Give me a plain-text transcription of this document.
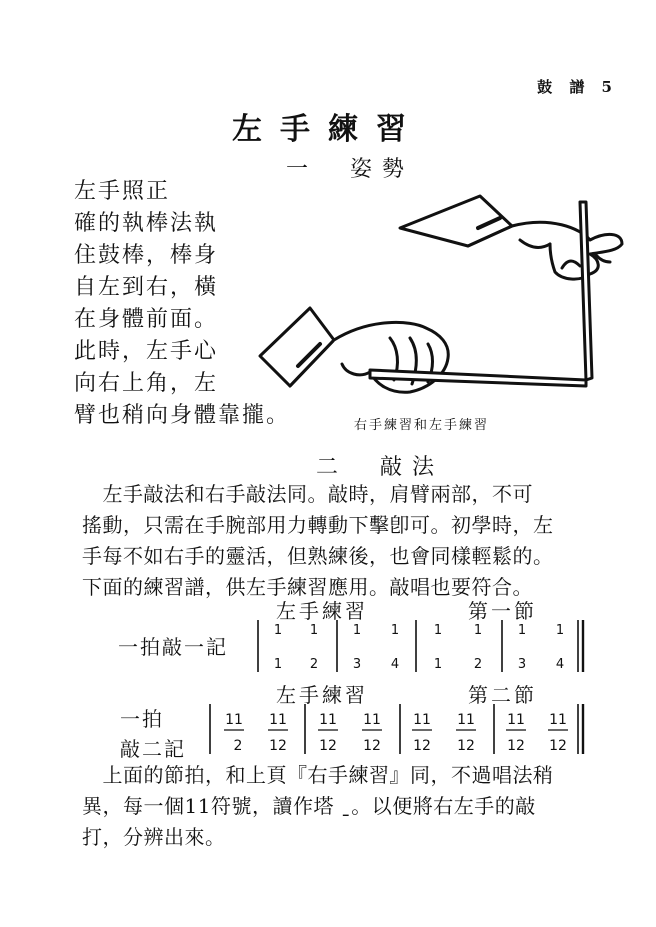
鼓 譜 5
左手練習
一　姿勢
左手照正
確的執棒法執
住鼓棒，棒身
自左到右，橫
在身體前面。
此時，左手心
向右上角，左
臂也稍向身體靠攏。	右手練習和左手練習
二　敲法
　左手敲法和右手敲法同。敲時，肩臂兩部，不可
搖動，只需在手腕部用力轉動下擊卽可。初學時，左
手每不如右手的靈活，但熟練後，也會同樣輕鬆的。
下面的練習譜，供左手練習應用。敲唱也要符合。
左手練習	第一節
一拍敲一記
1 1	1 1	1 1	1 1
1 2	3 4	1 2	3 4
左手練習	第二節
一拍
敲二記
11 11 11 11 11 11 11 11
2 12 12 12 12 12 12 12
　上面的節拍，和上頁『右手練習』同，不過唱法稍
異，每一個11符號，讀作塔 ˍ。以便將右左手的敲
打，分辨出來。
